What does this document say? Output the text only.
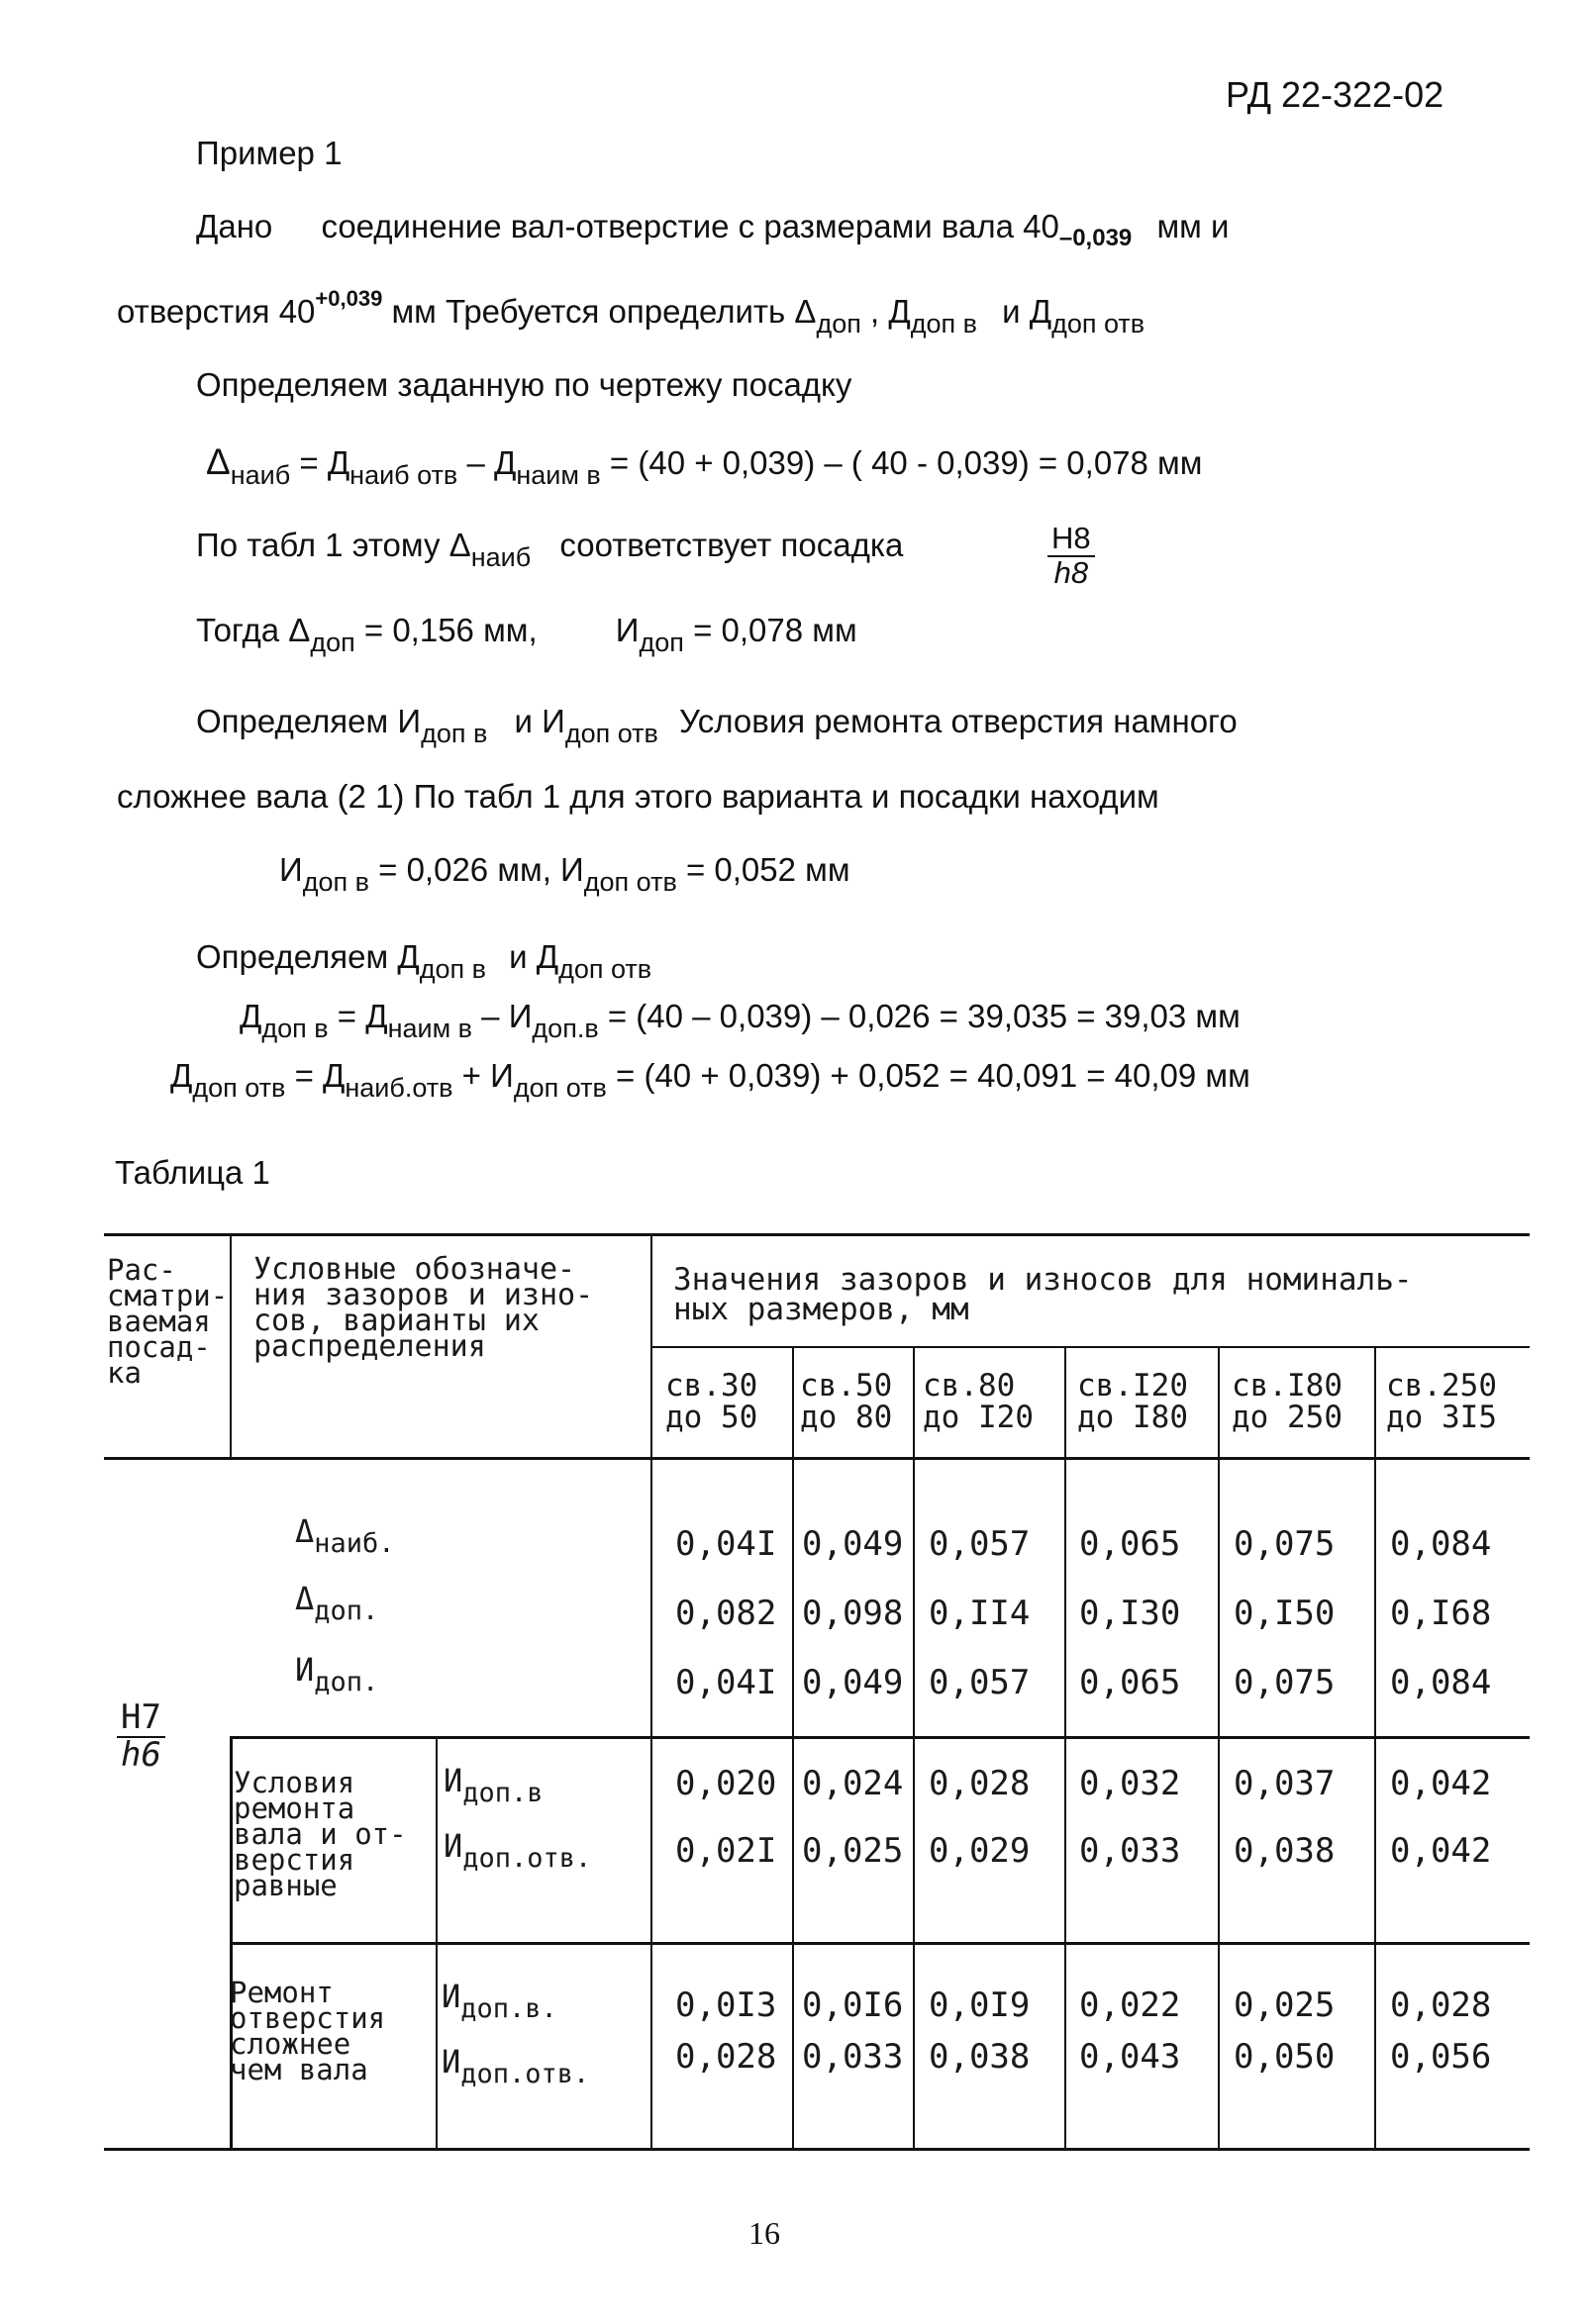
РД 22-322-02
Пример 1
Дано соединение вал-отверстие с размерами вала $40_{-0,039}$ мм и
отверстия $40^{+0,039}$ мм Требуется определить $\Delta_{доп}$ , $Д_{доп в}$ и $Д_{доп отв}$
Определяем заданную по чертежу посадку
$\Delta_{наиб} = Д_{наиб отв} - Д_{наим в} = (40 + 0,039)$ – ( 40 - 0,039) = 0,078 мм
По табл 1 этому $\Delta_{наиб}$ соответствует посадка	$\frac{H8}{h8}$
Тогда $\Delta_{доп} = 0,156$ мм, $И_{доп} = 0,078$ мм
Определяем $И_{доп в}$ и $И_{доп отв}$ Условия ремонта отверстия намного
сложнее вала (2 1) По табл 1 для этого варианта и посадки находим
$И_{доп в} = 0,026$ мм, $И_{доп отв} = 0,052$ мм
Определяем $Д_{доп в}$ и $Д_{доп отв}$
$Д_{доп в} = Д_{наим в} - И_{доп.в} = (40 - 0,039) - 0,026 = 39,035 = 39,03$ мм
$Д_{доп отв} = Д_{наиб.отв} + И_{доп отв} = (40 + 0,039) + 0,052 = 40,091 = 40,09$ мм
Таблица 1
Рас-
сматри-
ваемая
посад-
ка
Условные обозначе-
ния зазоров и изно-
сов, варианты их
распределения
Значения зазоров и износов для номиналь-
ных размеров, мм
св.30
до 50
св.50
до 80
св.80
до I20
св.I20
до I80
св.I80
до 250
св.250
до 3I5
$\frac{H7}{h6}$
$\Delta_{наиб.}$
$\Delta_{доп.}$
$И_{доп.}$
Условия
ремонта
вала и от-
верстия
равные
$И_{доп.в}$
$И_{доп.отв.}$
Ремонт
отверстия
сложнее
чем вала
$И_{доп.в.}$
$И_{доп.отв.}$
0,04I 0,049 0,057 0,065 0,075 0,084
0,082 0,098 0,II4 0,I30 0,I50 0,I68
0,04I 0,049 0,057 0,065 0,075 0,084
0,020 0,024 0,028 0,032 0,037 0,042
0,02I 0,025 0,029 0,033 0,038 0,042
0,0I3 0,0I6 0,0I9 0,022 0,025 0,028
0,028 0,033 0,038 0,043 0,050 0,056
16
